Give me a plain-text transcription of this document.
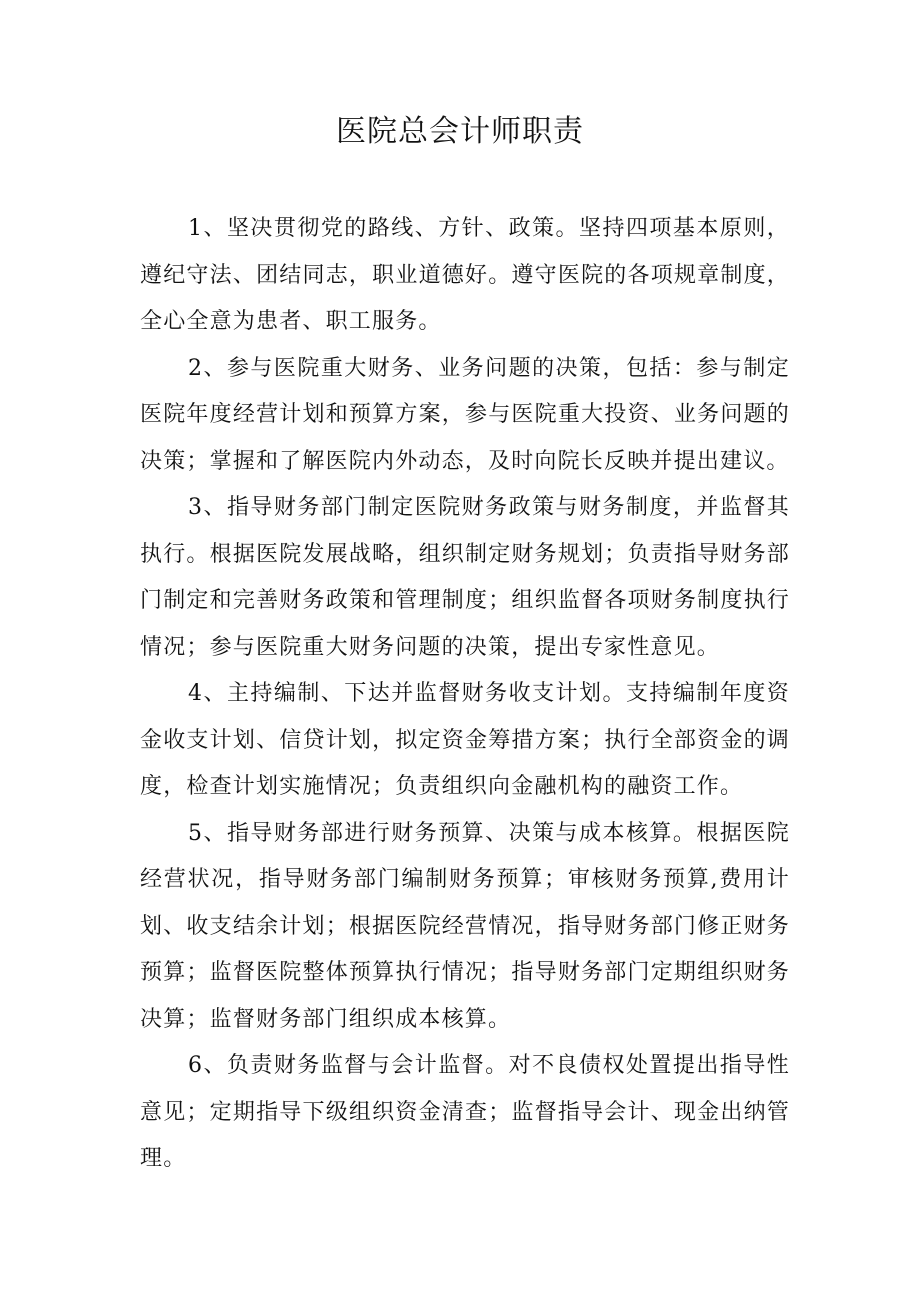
医院总会计师职责

1、坚决贯彻党的路线、方针、政策。坚持四项基本原则，遵纪守法、团结同志，职业道德好。遵守医院的各项规章制度，全心全意为患者、职工服务。

2、参与医院重大财务、业务问题的决策，包括：参与制定医院年度经营计划和预算方案，参与医院重大投资、业务问题的决策；掌握和了解医院内外动态，及时向院长反映并提出建议。

3、指导财务部门制定医院财务政策与财务制度，并监督其执行。根据医院发展战略，组织制定财务规划；负责指导财务部门制定和完善财务政策和管理制度；组织监督各项财务制度执行情况；参与医院重大财务问题的决策，提出专家性意见。

4、主持编制、下达并监督财务收支计划。支持编制年度资金收支计划、信贷计划，拟定资金筹措方案；执行全部资金的调度，检查计划实施情况；负责组织向金融机构的融资工作。

5、指导财务部进行财务预算、决策与成本核算。根据医院经营状况，指导财务部门编制财务预算；审核财务预算,费用计划、收支结余计划；根据医院经营情况，指导财务部门修正财务预算；监督医院整体预算执行情况；指导财务部门定期组织财务决算；监督财务部门组织成本核算。

6、负责财务监督与会计监督。对不良债权处置提出指导性意见；定期指导下级组织资金清查；监督指导会计、现金出纳管理。
